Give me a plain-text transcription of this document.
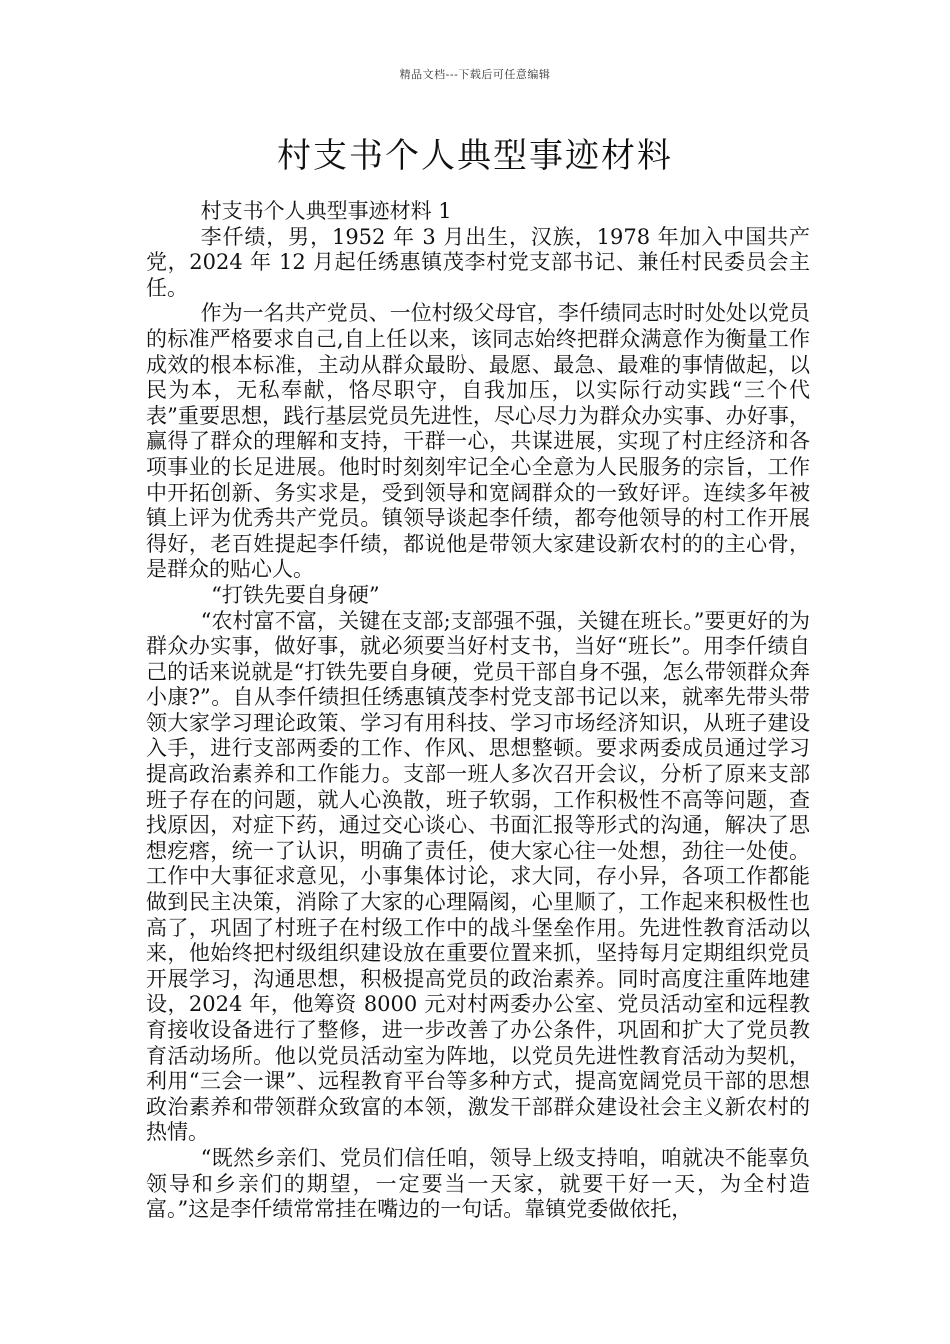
精品文档---下载后可任意编辑
村支书个人典型事迹材料

村支书个人典型事迹材料 1

李仟绩，男，1952 年 3 月出生，汉族，1978 年加入中国共产党，2024 年 12 月起任绣惠镇茂李村党支部书记、兼任村民委员会主任。

作为一名共产党员、一位村级父母官，李仟绩同志时时处处以党员的标准严格要求自己,自上任以来，该同志始终把群众满意作为衡量工作成效的根本标准，主动从群众最盼、最愿、最急、最难的事情做起，以民为本，无私奉献，恪尽职守，自我加压，以实际行动实践“三个代表”重要思想，践行基层党员先进性，尽心尽力为群众办实事、办好事，赢得了群众的理解和支持，干群一心，共谋进展，实现了村庄经济和各项事业的长足进展。他时时刻刻牢记全心全意为人民服务的宗旨，工作中开拓创新、务实求是，受到领导和宽阔群众的一致好评。连续多年被镇上评为优秀共产党员。镇领导谈起李仟绩，都夸他领导的村工作开展得好，老百姓提起李仟绩，都说他是带领大家建设新农村的的主心骨，是群众的贴心人。

“打铁先要自身硬”

“农村富不富，关键在支部;支部强不强，关键在班长。”要更好的为群众办实事，做好事，就必须要当好村支书，当好“班长”。用李仟绩自己的话来说就是“打铁先要自身硬，党员干部自身不强，怎么带领群众奔小康?”。自从李仟绩担任绣惠镇茂李村党支部书记以来，就率先带头带领大家学习理论政策、学习有用科技、学习市场经济知识，从班子建设入手，进行支部两委的工作、作风、思想整顿。要求两委成员通过学习提高政治素养和工作能力。支部一班人多次召开会议，分析了原来支部班子存在的问题，就人心涣散，班子软弱，工作积极性不高等问题，查找原因，对症下药，通过交心谈心、书面汇报等形式的沟通，解决了思想疙瘩，统一了认识，明确了责任，使大家心往一处想，劲往一处使。工作中大事征求意见，小事集体讨论，求大同，存小异，各项工作都能做到民主决策，消除了大家的心理隔阂，心里顺了，工作起来积极性也高了，巩固了村班子在村级工作中的战斗堡垒作用。先进性教育活动以来，他始终把村级组织建设放在重要位置来抓，坚持每月定期组织党员开展学习，沟通思想，积极提高党员的政治素养。同时高度注重阵地建设，2024 年，他筹资 8000 元对村两委办公室、党员活动室和远程教育接收设备进行了整修，进一步改善了办公条件，巩固和扩大了党员教育活动场所。他以党员活动室为阵地，以党员先进性教育活动为契机，利用“三会一课”、远程教育平台等多种方式，提高宽阔党员干部的思想政治素养和带领群众致富的本领，激发干部群众建设社会主义新农村的热情。

“既然乡亲们、党员们信任咱，领导上级支持咱，咱就决不能辜负领导和乡亲们的期望，一定要当一天家，就要干好一天，为全村造富。”这是李仟绩常常挂在嘴边的一句话。靠镇党委做依托，
